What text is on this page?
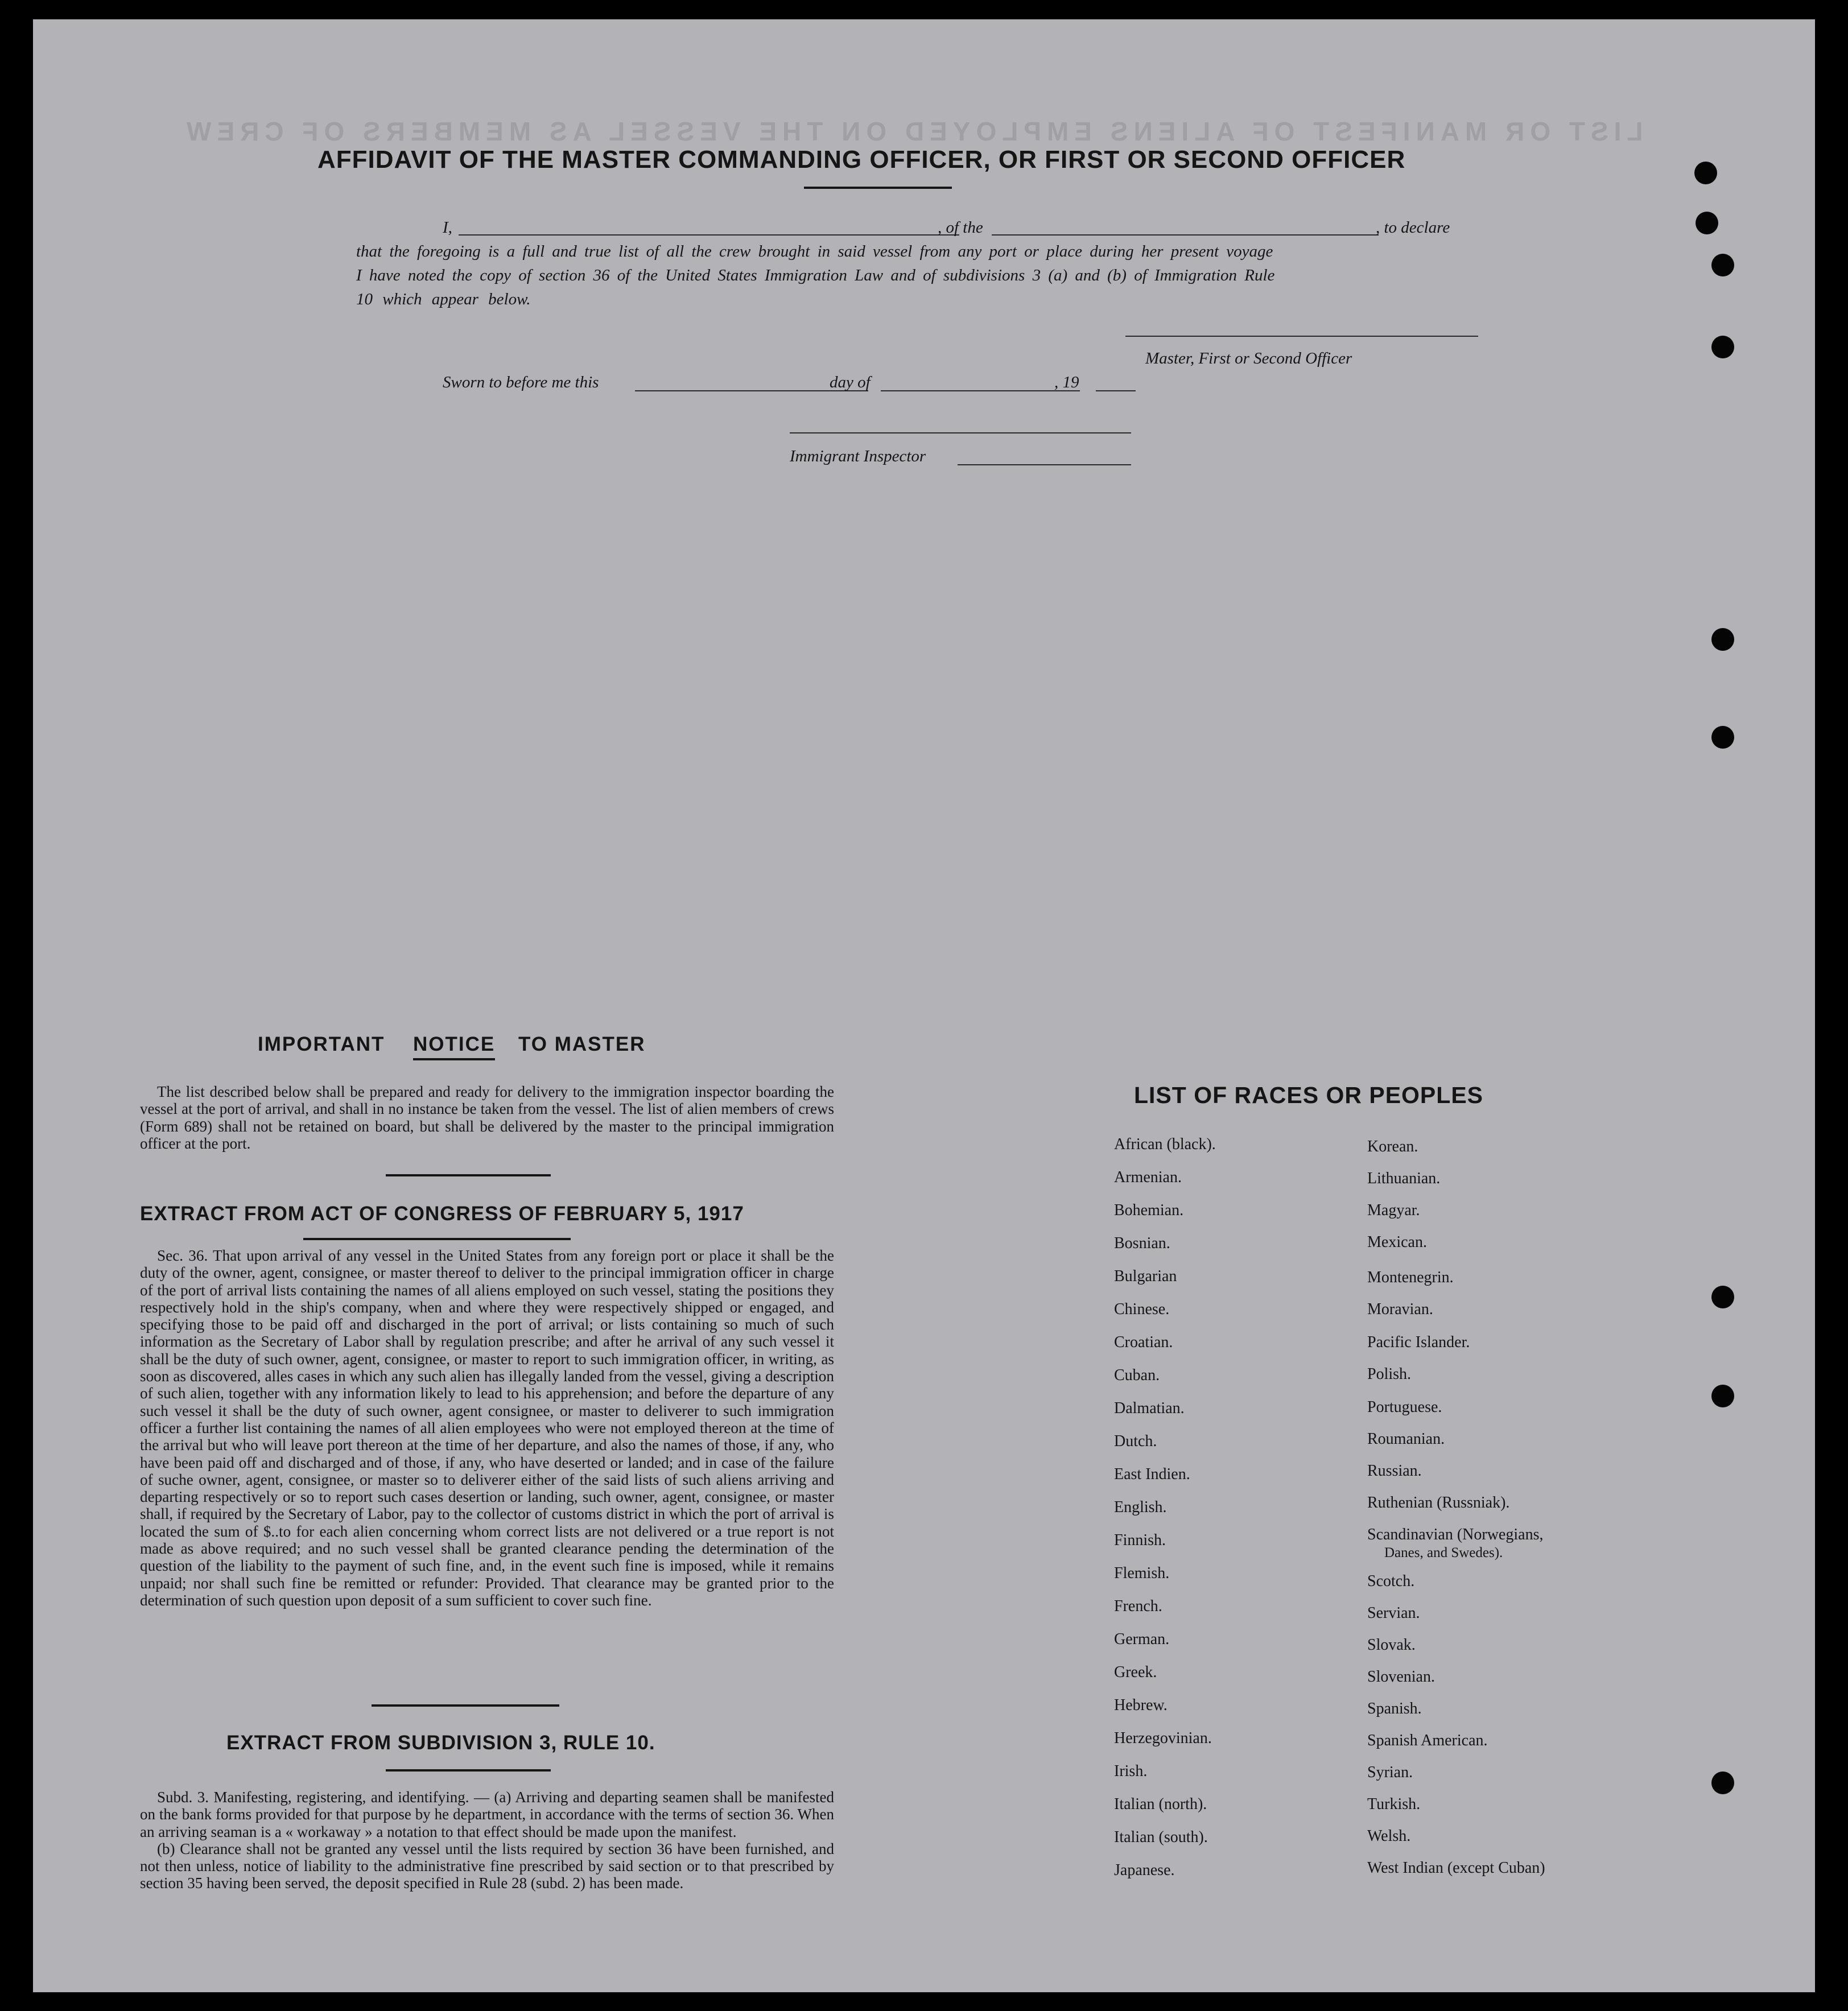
LIST OR MANIFEST OF ALIENS EMPLOYED ON THE VESSEL AS MEMBERS OF CREW
AFFIDAVIT OF THE MASTER COMMANDING OFFICER, OR FIRST OR SECOND OFFICER
I,	, of the	, to declare
that the foregoing is a full and true list of all the crew brought in said vessel from any port or place during her present voyage
I have noted the copy of section 36 of the United States Immigration Law and of subdivisions 3 (a) and (b) of Immigration Rule
10 which appear below.
Master, First or Second Officer
Sworn to before me this	day of	, 19
Immigrant Inspector
IMPORTANT NOTICE TO MASTER

The list described below shall be prepared and ready for delivery to the immigration inspector boarding the vessel at the port of arrival, and shall in no instance be taken from the vessel. The list of alien members of crews (Form 689) shall not be retained on board, but shall be delivered by the master to the principal immigration officer at the port.

EXTRACT FROM ACT OF CONGRESS OF FEBRUARY 5, 1917

Sec. 36. That upon arrival of any vessel in the United States from any foreign port or place it shall be the duty of the owner, agent, consignee, or master thereof to deliver to the principal immigration officer in charge of the port of arrival lists containing the names of all aliens employed on such vessel, stating the positions they respectively hold in the ship's company, when and where they were respectively shipped or engaged, and specifying those to be paid off and discharged in the port of arrival; or lists containing so much of such information as the Secretary of Labor shall by regulation prescribe; and after he arrival of any such vessel it shall be the duty of such owner, agent, consignee, or master to report to such immigration officer, in writing, as soon as discovered, alles cases in which any such alien has illegally landed from the vessel, giving a description of such alien, together with any information likely to lead to his apprehension; and before the departure of any such vessel it shall be the duty of such owner, agent consignee, or master to deliverer to such immigration officer a further list containing the names of all alien employees who were not employed thereon at the time of the arrival but who will leave port thereon at the time of her departure, and also the names of those, if any, who have been paid off and discharged and of those, if any, who have deserted or landed; and in case of the failure of suche owner, agent, consignee, or master so to deliverer either of the said lists of such aliens arriving and departing respectively or so to report such cases desertion or landing, such owner, agent, consignee, or master shall, if required by the Secretary of Labor, pay to the collector of customs district in which the port of arrival is located the sum of $..to for each alien concerning whom correct lists are not delivered or a true report is not made as above required; and no such vessel shall be granted clearance pending the determination of the question of the liability to the payment of such fine, and, in the event such fine is imposed, while it remains unpaid; nor shall such fine be remitted or refunder: Provided. That clearance may be granted prior to the determination of such question upon deposit of a sum sufficient to cover such fine.

EXTRACT FROM SUBDIVISION 3, RULE 10.

Subd. 3. Manifesting, registering, and identifying. — (a) Arriving and departing seamen shall be manifested on the bank forms provided for that purpose by he department, in accordance with the terms of section 36. When an arriving seaman is a « workaway » a notation to that effect should be made upon the manifest.

(b) Clearance shall not be granted any vessel until the lists required by section 36 have been furnished, and not then unless, notice of liability to the administrative fine prescribed by said section or to that prescribed by section 35 having been served, the deposit specified in Rule 28 (subd. 2) has been made.

LIST OF RACES OR PEOPLES
African (black).
Armenian.
Bohemian.
Bosnian.
Bulgarian
Chinese.
Croatian.
Cuban.
Dalmatian.
Dutch.
East Indien.
English.
Finnish.
Flemish.
French.
German.
Greek.
Hebrew.
Herzegovinian.
Irish.
Italian (north).
Italian (south).
Japanese.
Korean.
Lithuanian.
Magyar.
Mexican.
Montenegrin.
Moravian.
Pacific Islander.
Polish.
Portuguese.
Roumanian.
Russian.
Ruthenian (Russniak).
Scandinavian (Norwegians,
Danes, and Swedes).
Scotch.
Servian.
Slovak.
Slovenian.
Spanish.
Spanish American.
Syrian.
Turkish.
Welsh.
West Indian (except Cuban)
